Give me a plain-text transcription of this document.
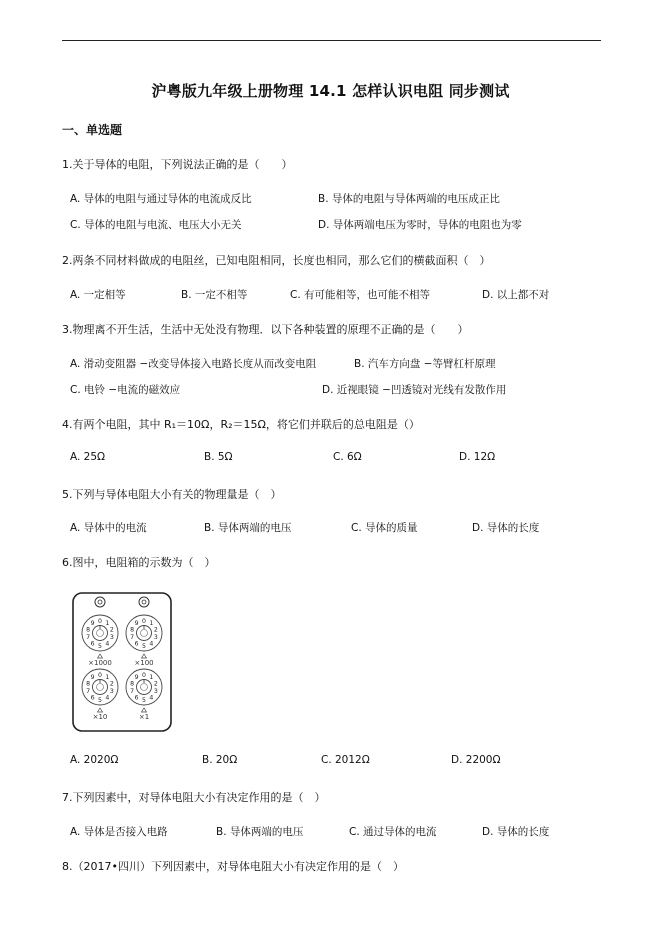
沪粤版九年级上册物理 14.1 怎样认识电阻 同步测试
一、单选题
1.关于导体的电阻，下列说法正确的是（　　）
A. 导体的电阻与通过导体的电流成反比	B. 导体的电阻与导体两端的电压成正比
C. 导体的电阻与电流、电压大小无关	D. 导体两端电压为零时，导体的电阻也为零
2.两条不同材料做成的电阻丝，已知电阻相同，长度也相同，那么它们的横截面积（　）
A. 一定相等	B. 一定不相等	C. 有可能相等，也可能不相等	D. 以上都不对
3.物理离不开生活，生活中无处没有物理．以下各种装置的原理不正确的是（　　）
A. 滑动变阻器 −改变导体接入电路长度从而改变电阻	B. 汽车方向盘 −等臂杠杆原理
C. 电铃 −电流的磁效应	D. 近视眼镜 −凹透镜对光线有发散作用
4.有两个电阻，其中 R₁＝10Ω，R₂＝15Ω，将它们并联后的总电阻是（）
A. 25Ω	B. 5Ω	C. 6Ω	D. 12Ω
5.下列与导体电阻大小有关的物理量是（　）
A. 导体中的电流	B. 导体两端的电压	C. 导体的质量	D. 导体的长度
6.图中，电阻箱的示数为（　）
0 1
2
3
4
5
6
7
8
9
×1000
0 1
2
3
4
5
6
7
8
9
×100
0 1
2
3
4
5
6
7
8
9
×10
0 1
2
3
4
5
6
7
8
9
×1
A. 2020Ω	B. 20Ω	C. 2012Ω	D. 2200Ω
7.下列因素中，对导体电阻大小有决定作用的是（　）
A. 导体是否接入电路	B. 导体两端的电压	C. 通过导体的电流	D. 导体的长度
8.（2017•四川）下列因素中，对导体电阻大小有决定作用的是（　）
